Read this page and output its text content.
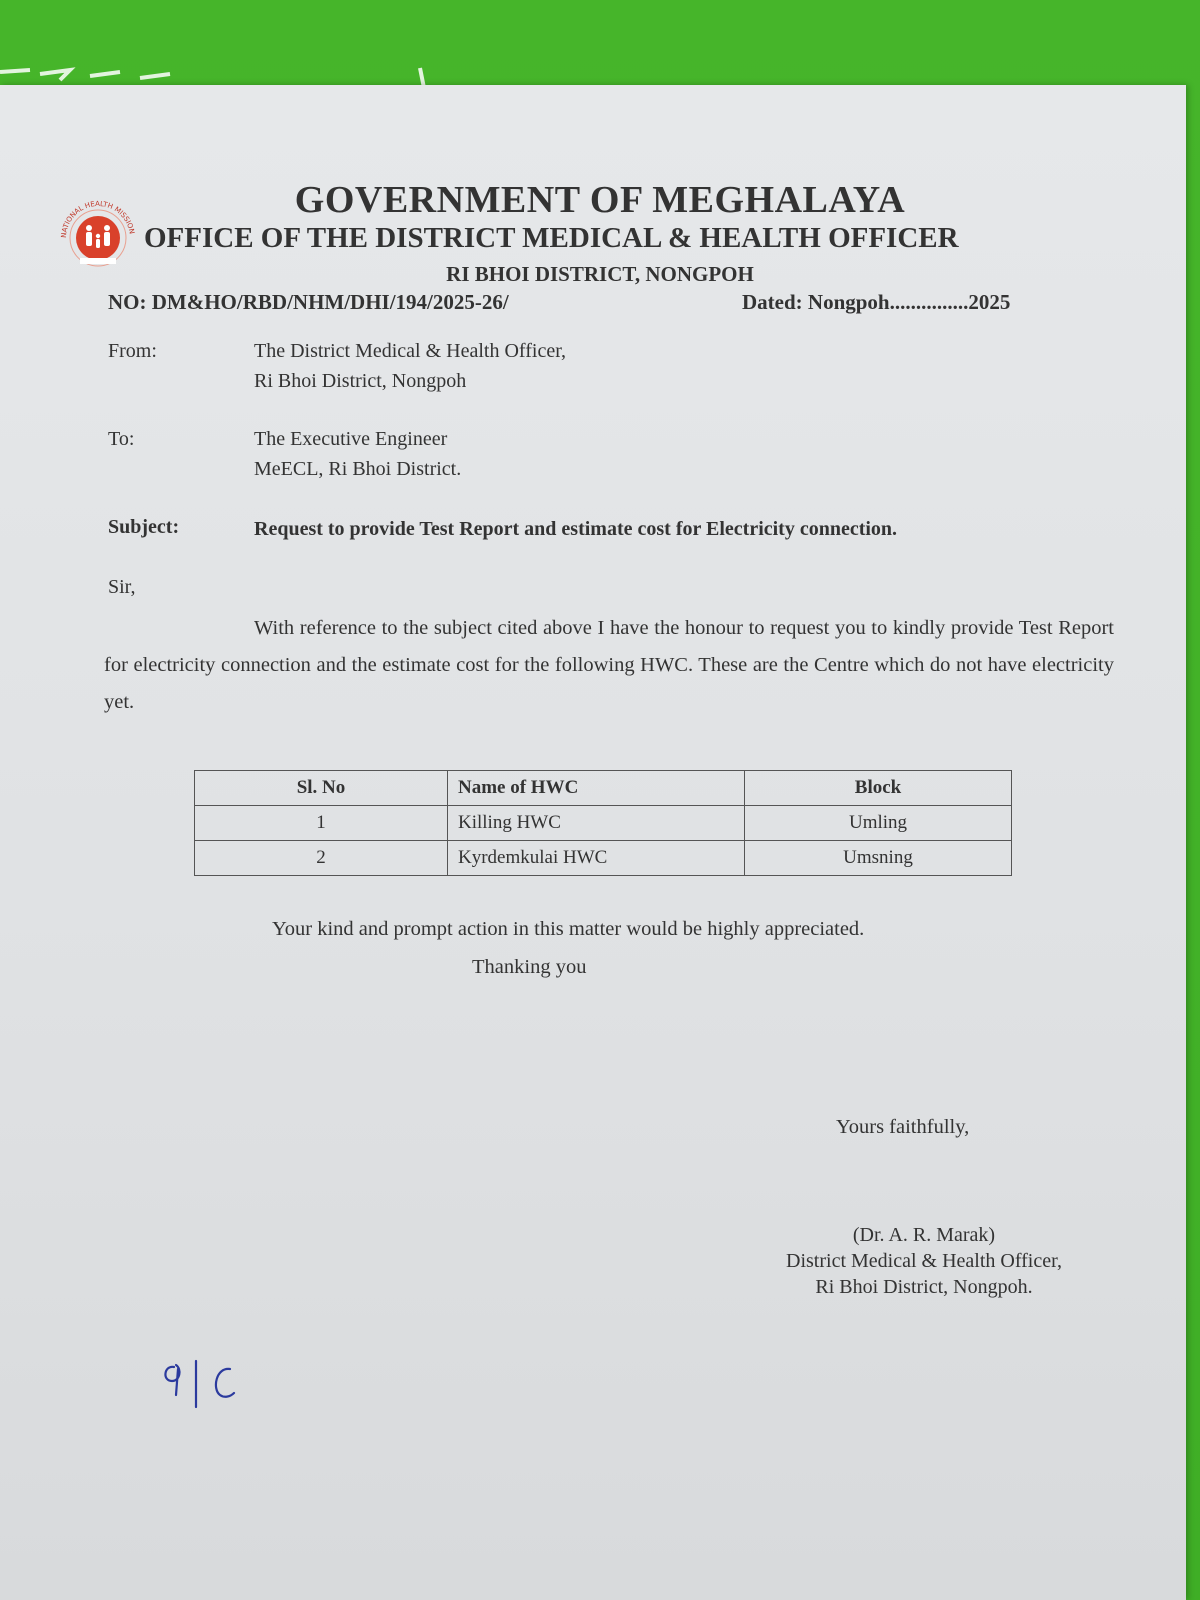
NATIONAL HEALTH MISSION
GOVERNMENT OF MEGHALAYA
OFFICE OF THE DISTRICT MEDICAL & HEALTH OFFICER
RI BHOI DISTRICT, NONGPOH
NO: DM&HO/RBD/NHM/DHI/194/2025-26/	Dated: Nongpoh...............2025
From:	The District Medical & Health Officer,
Ri Bhoi District, Nongpoh
To:	The Executive Engineer
MeECL, Ri Bhoi District.
Subject:	Request to provide Test Report and estimate cost for Electricity connection.
Sir,
With reference to the subject cited above I have the honour to request you to kindly provide Test Report for electricity connection and the estimate cost for the following HWC. These are the Centre which do not have electricity yet.
Sl. No	Name of HWC	Block
1	Killing HWC	Umling
2	Kyrdemkulai HWC	Umsning
Your kind and prompt action in this matter would be highly appreciated.
Thanking you
Yours faithfully,
(Dr. A. R. Marak)
District Medical & Health Officer,
Ri Bhoi District, Nongpoh.
